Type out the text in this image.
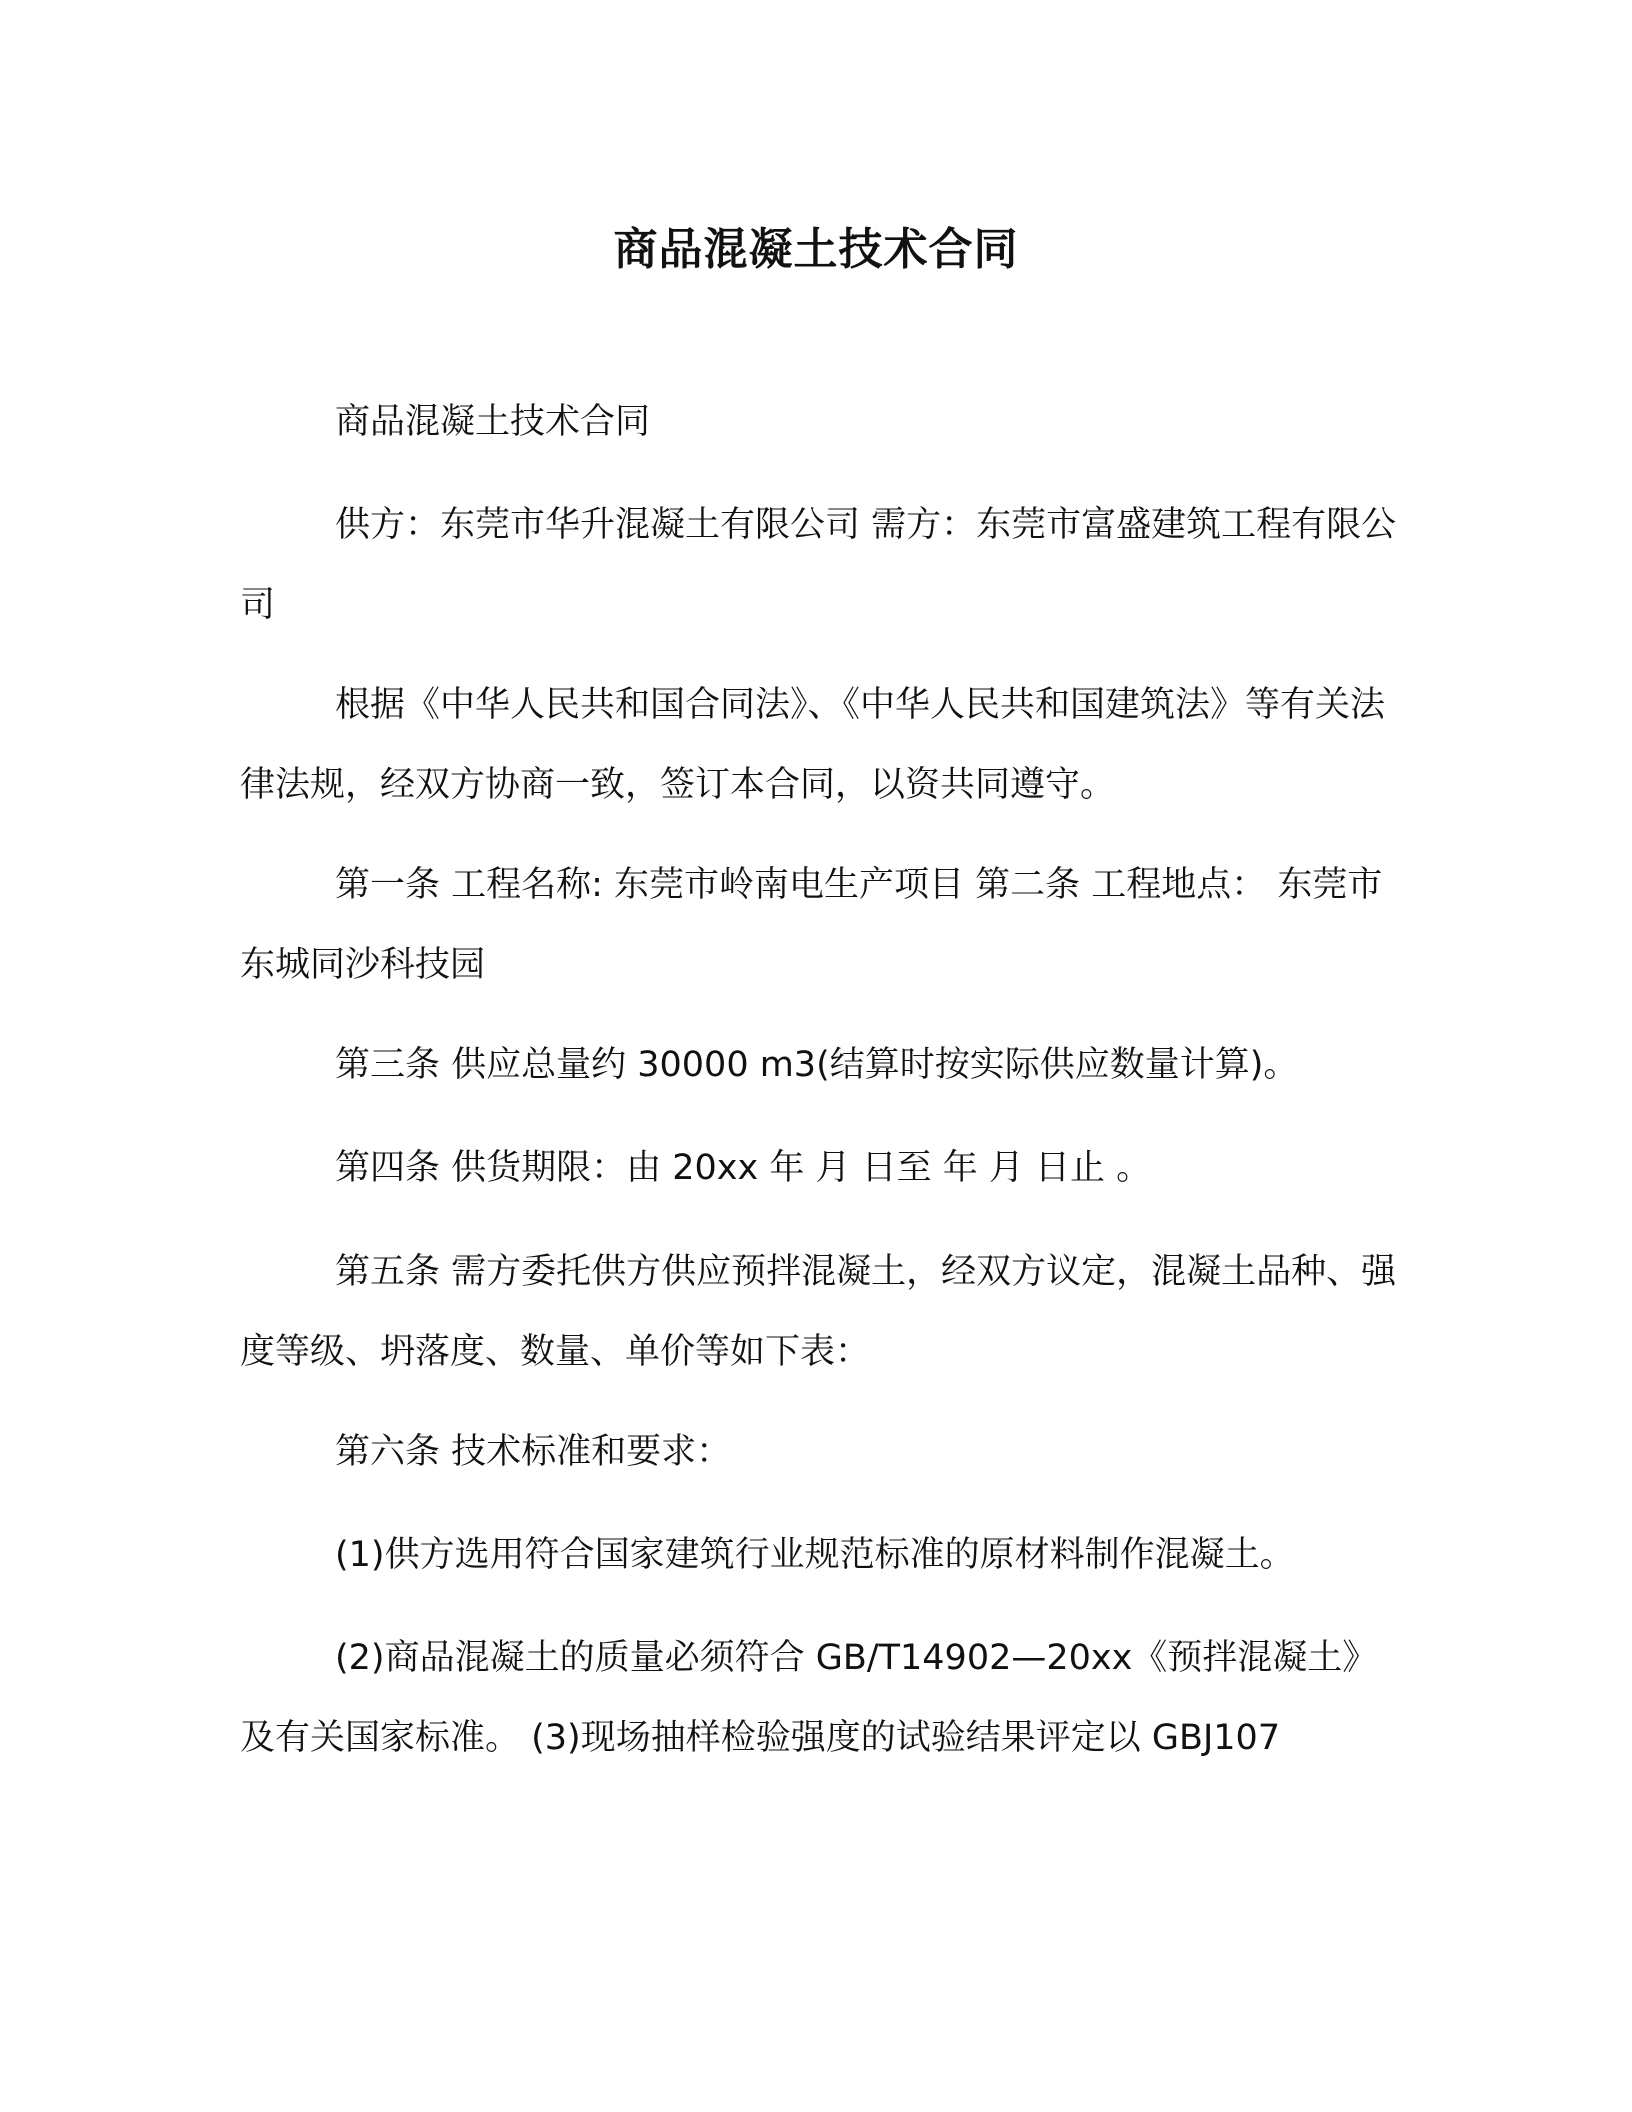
商品混凝土技术合同

商品混凝土技术合同

供方：东莞市华升混凝土有限公司 需方：东莞市富盛建筑工程有限公司

根据《中华人民共和国合同法》、《中华人民共和国建筑法》等有关法律法规，经双方协商一致，签订本合同，以资共同遵守。

第一条 工程名称: 东莞市岭南电生产项目 第二条 工程地点： 东莞市东城同沙科技园

第三条 供应总量约 30000 m3(结算时按实际供应数量计算)。

第四条 供货期限：由 20xx 年 月 日至 年 月 日止 。

第五条 需方委托供方供应预拌混凝土，经双方议定，混凝土品种、强度等级、坍落度、数量、单价等如下表：

第六条 技术标准和要求：

(1)供方选用符合国家建筑行业规范标准的原材料制作混凝土。

(2)商品混凝土的质量必须符合 GB/T14902—20xx《预拌混凝土》及有关国家标准。 (3)现场抽样检验强度的试验结果评定以 GBJ107
